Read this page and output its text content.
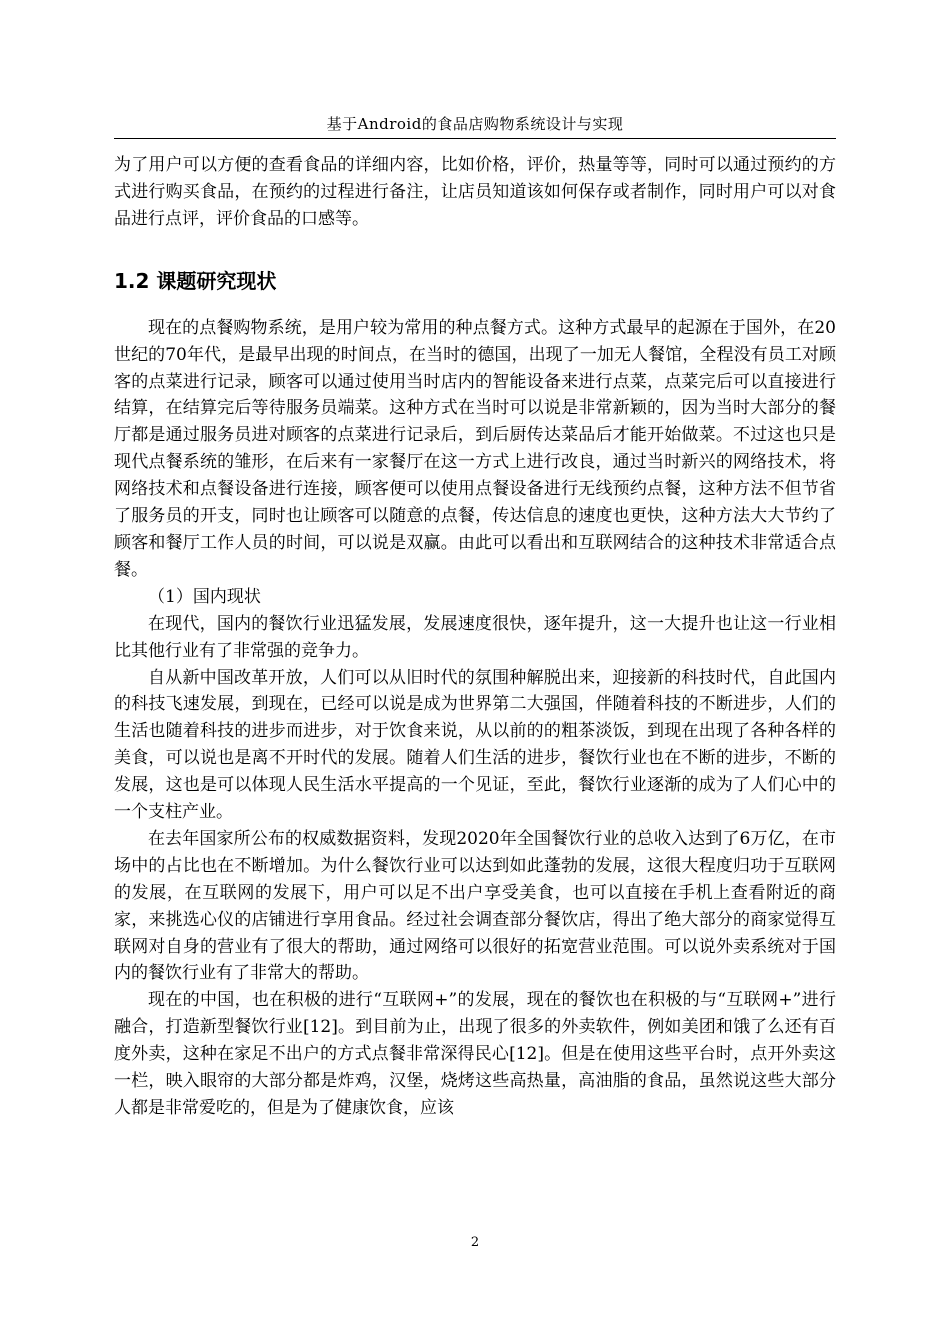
基于Android的食品店购物系统设计与实现

为了用户可以方便的查看食品的详细内容，比如价格，评价，热量等等，同时可以通过预约的方式进行购买食品，在预约的过程进行备注，让店员知道该如何保存或者制作，同时用户可以对食品进行点评，评价食品的口感等。

1.2 课题研究现状

现在的点餐购物系统，是用户较为常用的种点餐方式。这种方式最早的起源在于国外，在20世纪的70年代，是最早出现的时间点，在当时的德国，出现了一加无人餐馆，全程没有员工对顾客的点菜进行记录，顾客可以通过使用当时店内的智能设备来进行点菜，点菜完后可以直接进行结算，在结算完后等待服务员端菜。这种方式在当时可以说是非常新颖的，因为当时大部分的餐厅都是通过服务员进对顾客的点菜进行记录后，到后厨传达菜品后才能开始做菜。不过这也只是现代点餐系统的雏形，在后来有一家餐厅在这一方式上进行改良，通过当时新兴的网络技术，将网络技术和点餐设备进行连接，顾客便可以使用点餐设备进行无线预约点餐，这种方法不但节省了服务员的开支，同时也让顾客可以随意的点餐，传达信息的速度也更快，这种方法大大节约了顾客和餐厅工作人员的时间，可以说是双赢。由此可以看出和互联网结合的这种技术非常适合点餐。

（1）国内现状

在现代，国内的餐饮行业迅猛发展，发展速度很快，逐年提升，这一大提升也让这一行业相比其他行业有了非常强的竞争力。

自从新中国改革开放，人们可以从旧时代的氛围种解脱出来，迎接新的科技时代，自此国内的科技飞速发展，到现在，已经可以说是成为世界第二大强国，伴随着科技的不断进步，人们的生活也随着科技的进步而进步，对于饮食来说，从以前的的粗茶淡饭，到现在出现了各种各样的美食，可以说也是离不开时代的发展。随着人们生活的进步，餐饮行业也在不断的进步，不断的发展，这也是可以体现人民生活水平提高的一个见证，至此，餐饮行业逐渐的成为了人们心中的一个支柱产业。

在去年国家所公布的权威数据资料，发现2020年全国餐饮行业的总收入达到了6万亿，在市场中的占比也在不断增加。为什么餐饮行业可以达到如此蓬勃的发展，这很大程度归功于互联网的发展，在互联网的发展下，用户可以足不出户享受美食，也可以直接在手机上查看附近的商家，来挑选心仪的店铺进行享用食品。经过社会调查部分餐饮店，得出了绝大部分的商家觉得互联网对自身的营业有了很大的帮助，通过网络可以很好的拓宽营业范围。可以说外卖系统对于国内的餐饮行业有了非常大的帮助。

现在的中国，也在积极的进行“互联网+”的发展，现在的餐饮也在积极的与“互联网+”进行融合，打造新型餐饮行业[12]。到目前为止，出现了很多的外卖软件，例如美团和饿了么还有百度外卖，这种在家足不出户的方式点餐非常深得民心[12]。但是在使用这些平台时，点开外卖这一栏，映入眼帘的大部分都是炸鸡，汉堡，烧烤这些高热量，高油脂的食品，虽然说这些大部分人都是非常爱吃的，但是为了健康饮食，应该

2
